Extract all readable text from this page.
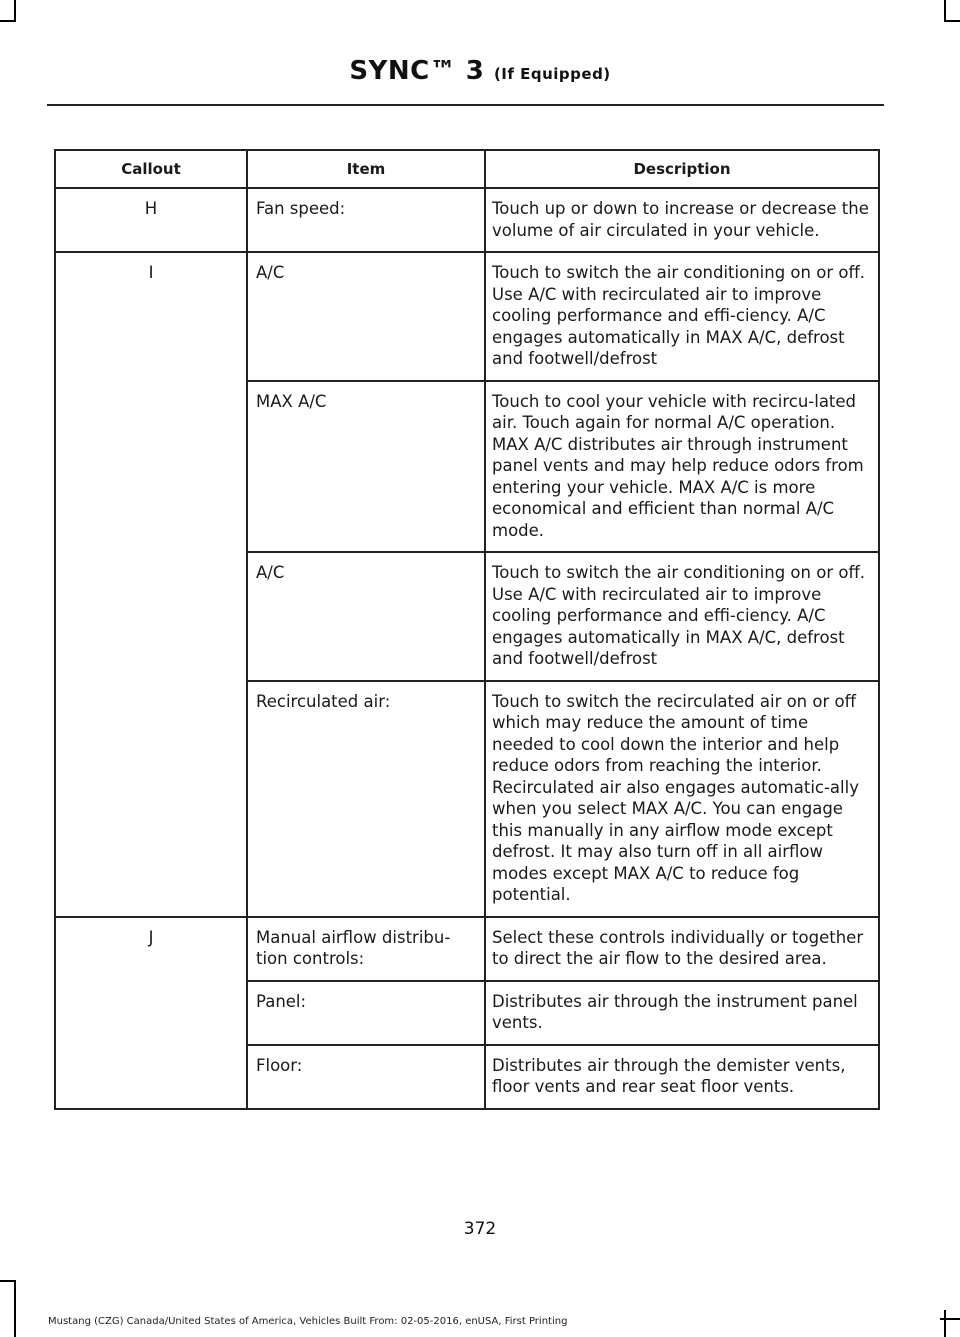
SYNC™ 3 (If Equipped)
Callout	Item	Description
H	Fan speed:	Touch up or down to increase or decrease the volume of air circulated in your vehicle.
I	A/C	Touch to switch the air conditioning on or off. Use A/C with recirculated air to improve cooling performance and effi-ciency. A/C engages automatically in MAX A/C, defrost and footwell/defrost
	MAX A/C	Touch to cool your vehicle with recircu-lated air. Touch again for normal A/C operation. MAX A/C distributes air through instrument panel vents and may help reduce odors from entering your vehicle. MAX A/C is more economical and efficient than normal A/C mode.
	A/C	Touch to switch the air conditioning on or off. Use A/C with recirculated air to improve cooling performance and effi-ciency. A/C engages automatically in MAX A/C, defrost and footwell/defrost
	Recirculated air:	Touch to switch the recirculated air on or off which may reduce the amount of time needed to cool down the interior and help reduce odors from reaching the interior. Recirculated air also engages automatic-ally when you select MAX A/C. You can engage this manually in any airflow mode except defrost. It may also turn off in all airflow modes except MAX A/C to reduce fog potential.
J	Manual airflow distribu-tion controls:	Select these controls individually or together to direct the air flow to the desired area.
	Panel:	Distributes air through the instrument panel vents.
	Floor:	Distributes air through the demister vents, floor vents and rear seat floor vents.
372
Mustang (CZG) Canada/United States of America, Vehicles Built From: 02-05-2016, enUSA, First Printing
